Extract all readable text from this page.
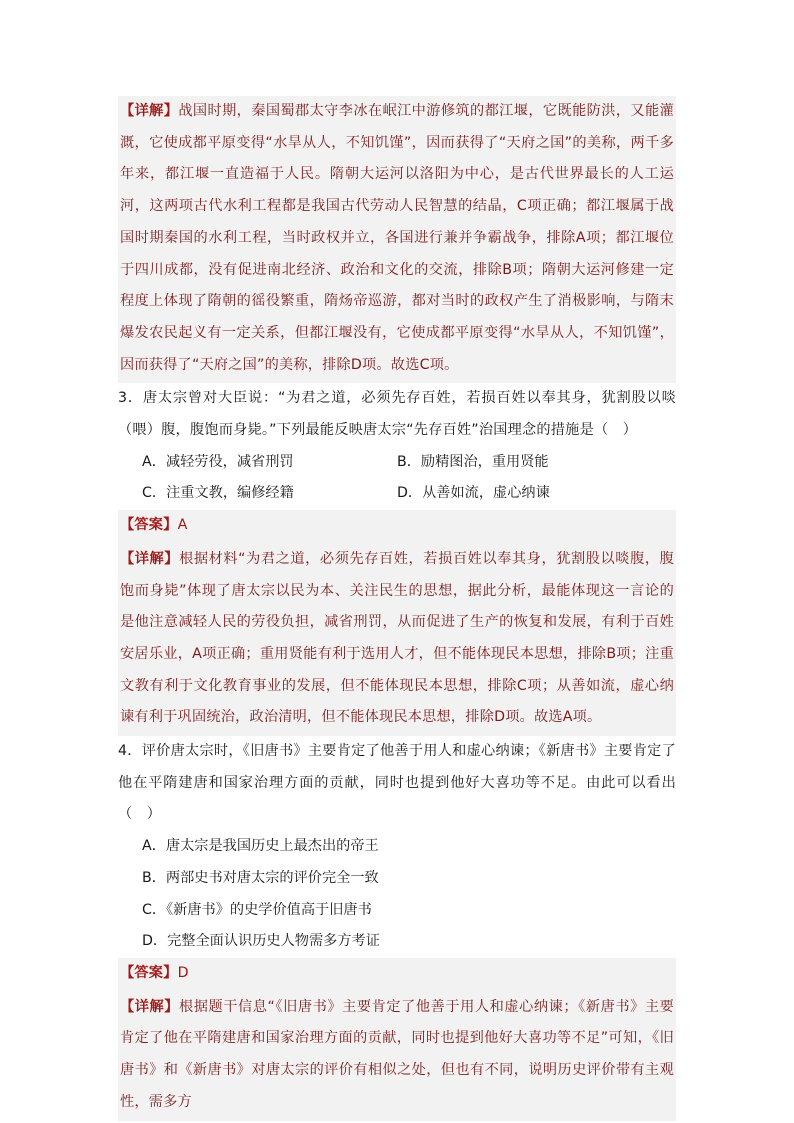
【详解】战国时期，秦国蜀郡太守李冰在岷江中游修筑的都江堰，它既能防洪，又能灌溉，它使成都平原变得“水旱从人，不知饥馑”，因而获得了“天府之国”的美称，两千多年来，都江堰一直造福于人民。隋朝大运河以洛阳为中心，是古代世界最长的人工运河，这两项古代水利工程都是我国古代劳动人民智慧的结晶，C项正确；都江堰属于战国时期秦国的水利工程，当时政权并立，各国进行兼并争霸战争，排除A项；都江堰位于四川成都，没有促进南北经济、政治和文化的交流，排除B项；隋朝大运河修建一定程度上体现了隋朝的徭役繁重，隋炀帝巡游，都对当时的政权产生了消极影响，与隋末爆发农民起义有一定关系，但都江堰没有，它使成都平原变得“水旱从人，不知饥馑”，因而获得了“天府之国”的美称，排除D项。故选C项。
3．唐太宗曾对大臣说：“为君之道，必须先存百姓，若损百姓以奉其身，犹割股以啖（喂）腹，腹饱而身毙。”下列最能反映唐太宗“先存百姓”治国理念的措施是（　）
A．减轻劳役，减省刑罚	B．励精图治，重用贤能
C．注重文教，编修经籍	D．从善如流，虚心纳谏
【答案】A
【详解】根据材料“为君之道，必须先存百姓，若损百姓以奉其身，犹割股以啖腹，腹饱而身毙”体现了唐太宗以民为本、关注民生的思想，据此分析，最能体现这一言论的是他注意减轻人民的劳役负担，减省刑罚，从而促进了生产的恢复和发展，有利于百姓安居乐业，A项正确；重用贤能有利于选用人才，但不能体现民本思想，排除B项；注重文教有利于文化教育事业的发展，但不能体现民本思想，排除C项；从善如流，虚心纳谏有利于巩固统治，政治清明，但不能体现民本思想，排除D项。故选A项。
4．评价唐太宗时，《旧唐书》主要肯定了他善于用人和虚心纳谏；《新唐书》主要肯定了他在平隋建唐和国家治理方面的贡献，同时也提到他好大喜功等不足。由此可以看出（　）
A．唐太宗是我国历史上最杰出的帝王
B．两部史书对唐太宗的评价完全一致
C．《新唐书》的史学价值高于旧唐书
D．完整全面认识历史人物需多方考证
【答案】D
【详解】根据题干信息“《旧唐书》主要肯定了他善于用人和虚心纳谏；《新唐书》主要肯定了他在平隋建唐和国家治理方面的贡献，同时也提到他好大喜功等不足”可知，《旧唐书》和《新唐书》对唐太宗的评价有相似之处，但也有不同，说明历史评价带有主观性，需多方
